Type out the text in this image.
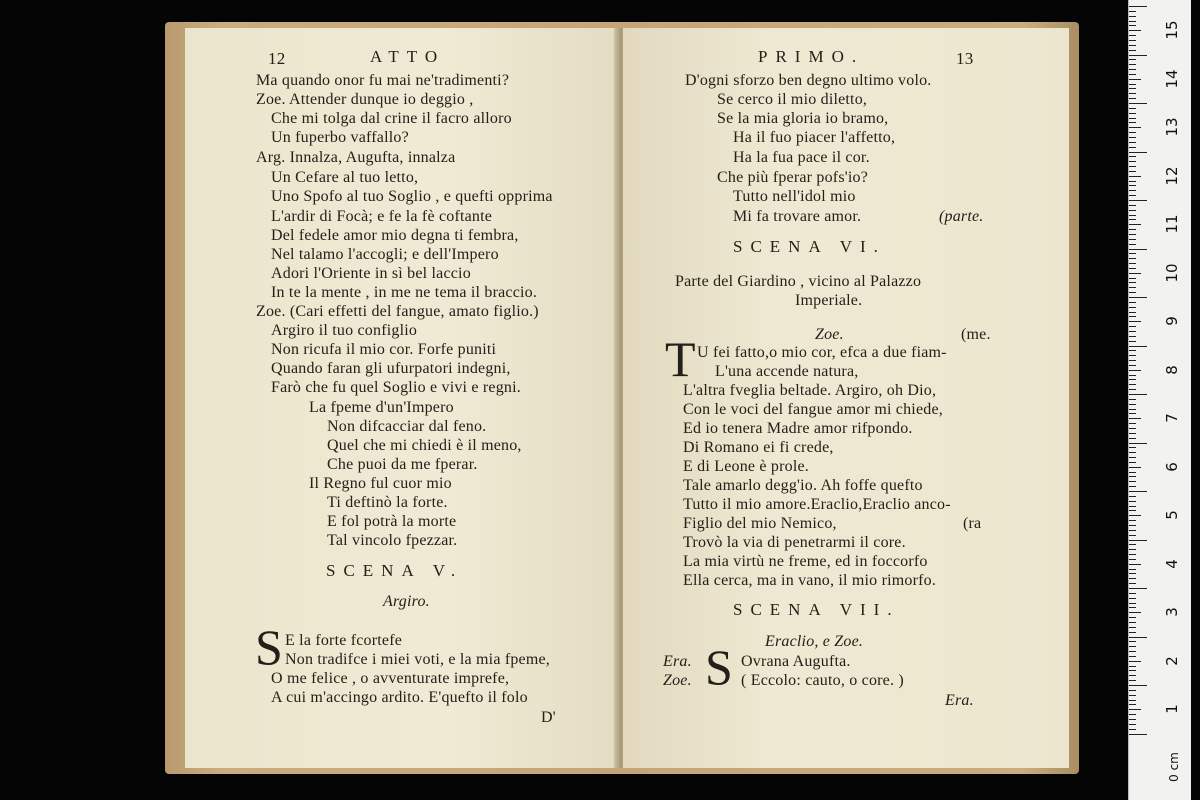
12	ATTO
Ma quando onor fu mai ne'tradimenti?
Zoe. Attender dunque io deggio ,
Che mi tolga dal crine il facro alloro
Un fuperbo vaffallo?
Arg. Innalza, Augufta, innalza
Un Cefare al tuo letto,
Uno Spofo al tuo Soglio , e quefti opprima
L'ardir di Focà; e fe la fè coftante
Del fedele amor mio degna ti fembra,
Nel talamo l'accogli; e dell'Impero
Adori l'Oriente in sì bel laccio
In te la mente , in me ne tema il braccio.
Zoe. (Cari effetti del fangue, amato figlio.)
Argiro il tuo configlio
Non ricufa il mio cor. Forfe puniti
Quando faran gli ufurpatori indegni,
Farò che fu quel Soglio e vivi e regni.
La fpeme d'un'Impero
Non difcacciar dal feno.
Quel che mi chiedi è il meno,
Che puoi da me fperar.
Il Regno ful cuor mio
Ti deftinò la forte.
E fol potrà la morte
Tal vincolo fpezzar.
SCENA V.
Argiro.
S E la forte fcortefe
Non tradifce i miei voti, e la mia fpeme,
O me felice , o avventurate imprefe,
A cui m'accingo ardito. E'quefto il folo
D'
PRIMO.	13
D'ogni sforzo ben degno ultimo volo.
Se cerco il mio diletto,
Se la mia gloria io bramo,
Ha il fuo piacer l'affetto,
Ha la fua pace il cor.
Che più fperar pofs'io?
Tutto nell'idol mio
Mi fa trovare amor.	(parte.
SCENA VI.
Parte del Giardino , vicino al Palazzo
Imperiale.
Zoe.	(me.
T U fei fatto,o mio cor, efca a due fiam-
L'una accende natura,
L'altra fveglia beltade. Argiro, oh Dio,
Con le voci del fangue amor mi chiede,
Ed io tenera Madre amor rifpondo.
Di Romano ei fi crede,
E di Leone è prole.
Tale amarlo degg'io. Ah foffe quefto
Tutto il mio amore.Eraclio,Eraclio anco-
Figlio del mio Nemico,	(ra
Trovò la via di penetrarmi il core.
La mia virtù ne freme, ed in foccorfo
Ella cerca, ma in vano, il mio rimorfo.
SCENA VII.
Eraclio, e Zoe.
Era. S Ovrana Augufta.
Zoe.	( Eccolo: cauto, o core. )
Era.
0 cm
15
14
13
12
11
10
9
8
7
6
5
4
3
2
1
